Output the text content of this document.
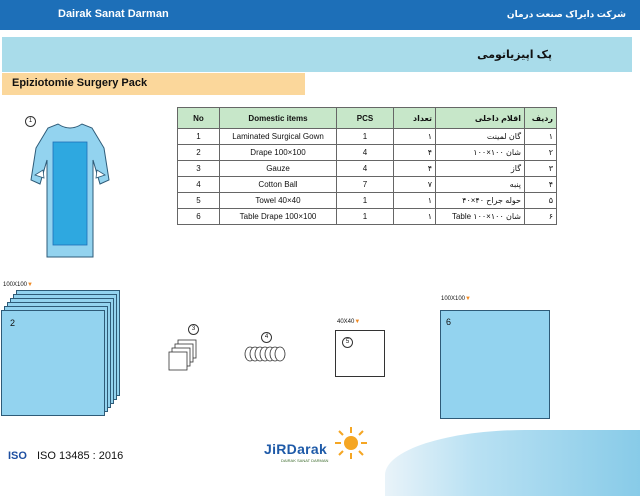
Dairak Sanat Darman	شرکت دایراک صنعت درمان
پک اپیزیاتومی
Epiziotomie Surgery Pack
No	Domestic items	PCS	تعداد	اقلام داخلی	ردیف
1	Laminated Surgical Gown	1	۱	گان لمینت	۱
2	Drape 100×100	4	۴	شان ۱۰۰×۱۰۰	۲
3	Gauze	4	۴	گاز	۳
4	Cotton Ball	7	۷	پنبه	۴
5	Towel 40×40	1	۱	حوله جراح ۴۰×۴۰	۵
6	Table Drape 100×100	1	۱	شان Table ۱۰۰×۱۰۰	۶
1
100X100▼
2
3
4
40X40▼
5
100X100▼
6
ISO ISO 13485 : 2016	JiRDarak
DAIRAK SANAT DARMAN
